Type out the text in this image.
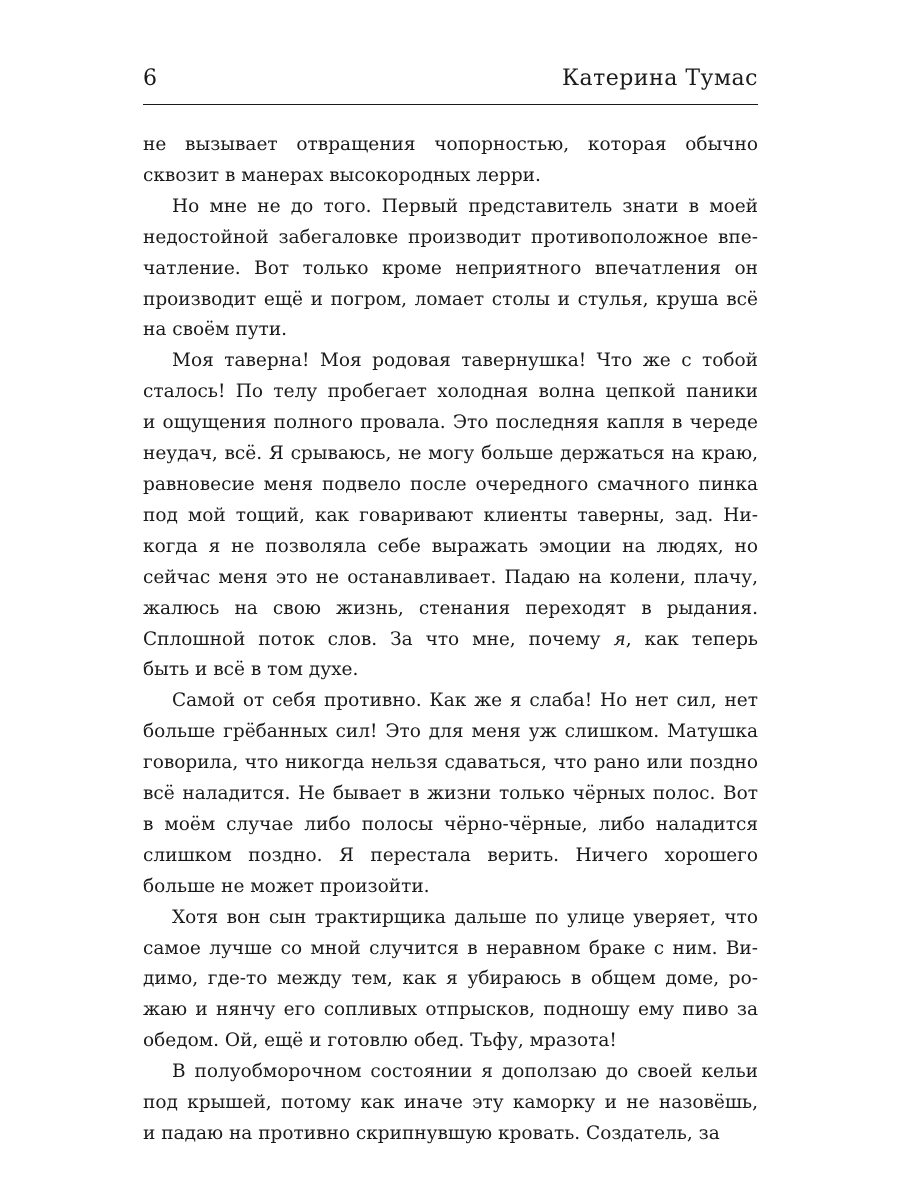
6	Катерина Тумас
не вызывает отвращения чопорностью, которая обычно
сквозит в манерах высокородных лерри.
Но мне не до того. Первый представитель знати в моей
недостойной забегаловке производит противоположное впе-
чатление. Вот только кроме неприятного впечатления он
производит ещё и погром, ломает столы и стулья, круша всё
на своём пути.
Моя таверна! Моя родовая тавернушка! Что же с тобой
сталось! По телу пробегает холодная волна цепкой паники
и ощущения полного провала. Это последняя капля в череде
неудач, всё. Я срываюсь, не могу больше держаться на краю,
равновесие меня подвело после очередного смачного пинка
под мой тощий, как говаривают клиенты таверны, зад. Ни-
когда я не позволяла себе выражать эмоции на людях, но
сейчас меня это не останавливает. Падаю на колени, плачу,
жалюсь на свою жизнь, стенания переходят в рыдания.
Сплошной поток слов. За что мне, почему я, как теперь
быть и всё в том духе.
Самой от себя противно. Как же я слаба! Но нет сил, нет
больше грёбанных сил! Это для меня уж слишком. Матушка
говорила, что никогда нельзя сдаваться, что рано или поздно
всё наладится. Не бывает в жизни только чёрных полос. Вот
в моём случае либо полосы чёрно-чёрные, либо наладится
слишком поздно. Я перестала верить. Ничего хорошего
больше не может произойти.
Хотя вон сын трактирщика дальше по улице уверяет, что
самое лучше со мной случится в неравном браке с ним. Ви-
димо, где-то между тем, как я убираюсь в общем доме, ро-
жаю и нянчу его сопливых отпрысков, подношу ему пиво за
обедом. Ой, ещё и готовлю обед. Тьфу, мразота!
В полуобморочном состоянии я доползаю до своей кельи
под крышей, потому как иначе эту каморку и не назовёшь,
и падаю на противно скрипнувшую кровать. Создатель, за
